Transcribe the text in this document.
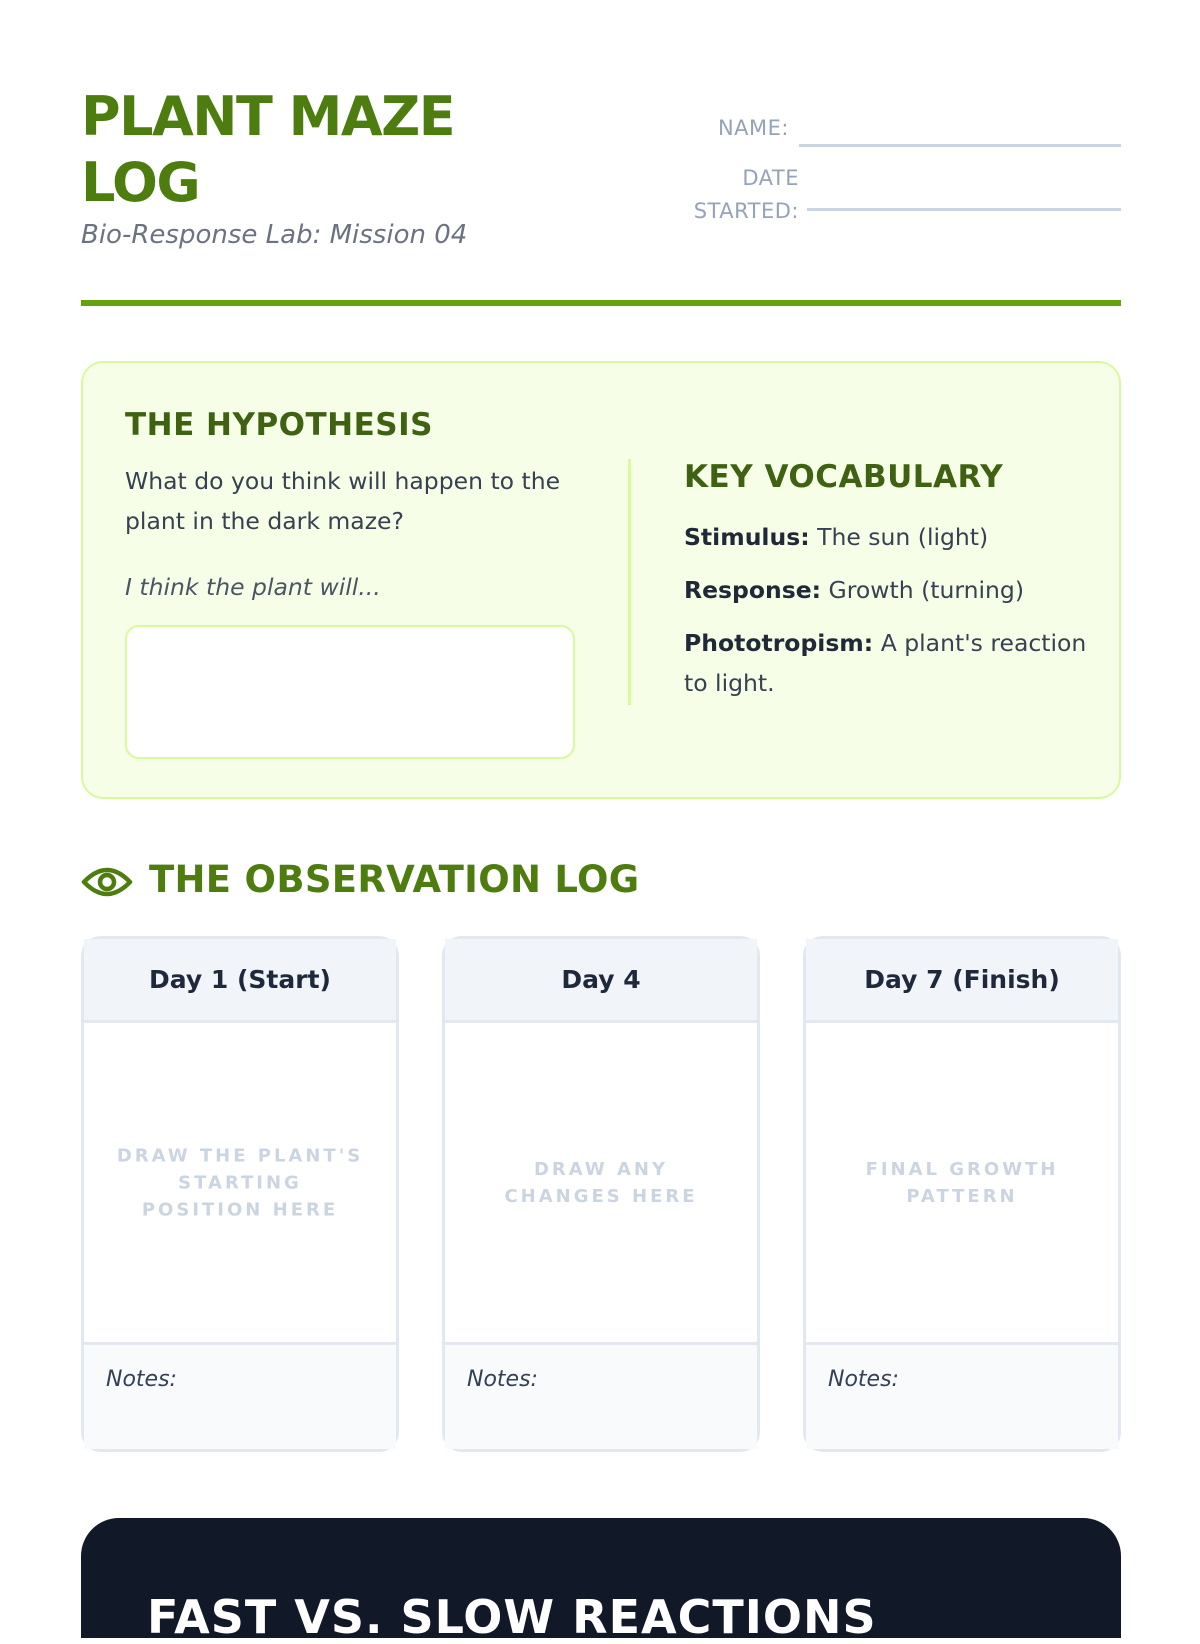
PLANT MAZE LOG
Bio-Response Lab: Mission 04
NAME:
DATE STARTED:
THE HYPOTHESIS
What do you think will happen to the plant in the dark maze?
I think the plant will...
KEY VOCABULARY
Stimulus: The sun (light)
Response: Growth (turning)
Phototropism: A plant's reaction to light.
THE OBSERVATION LOG
Day 1 (Start)
DRAW THE PLANT'S STARTING POSITION HERE
Notes:
Day 4
DRAW ANY CHANGES HERE
Notes:
Day 7 (Finish)
FINAL GROWTH PATTERN
Notes:
FAST VS. SLOW REACTIONS
